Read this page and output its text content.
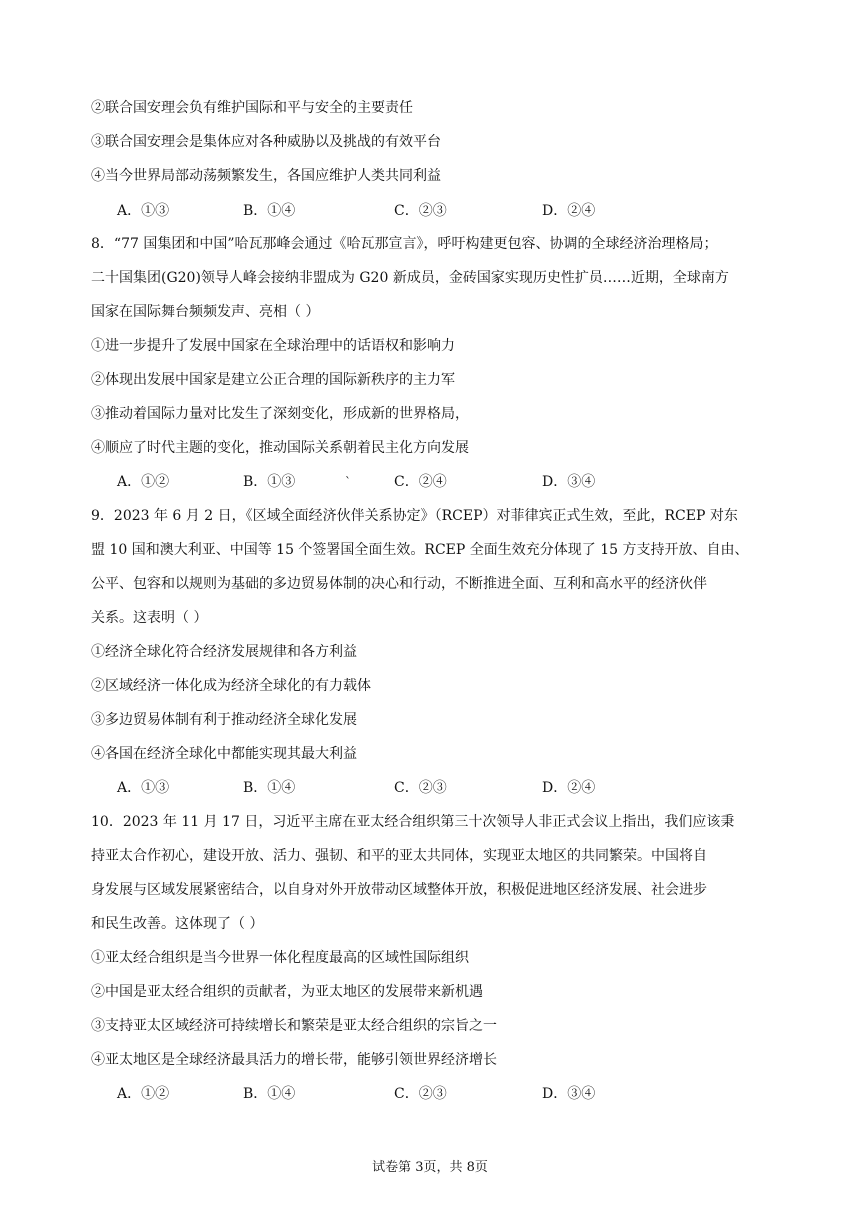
②联合国安理会负有维护国际和平与安全的主要责任
③联合国安理会是集体应对各种威胁以及挑战的有效平台
④当今世界局部动荡频繁发生，各国应维护人类共同利益
A．①③	B．①④	C．②③	D．②④
8．“77 国集团和中国”哈瓦那峰会通过《哈瓦那宣言》，呼吁构建更包容、协调的全球经济治理格局；
二十国集团(G20)领导人峰会接纳非盟成为 G20 新成员，金砖国家实现历史性扩员……近期，全球南方
国家在国际舞台频频发声、亮相（ ）
①进一步提升了发展中国家在全球治理中的话语权和影响力
②体现出发展中国家是建立公正合理的国际新秩序的主力军
③推动着国际力量对比发生了深刻变化，形成新的世界格局，
④顺应了时代主题的变化，推动国际关系朝着民主化方向发展
A．①②	B．①③	`	C．②④	D．③④
9．2023 年 6 月 2 日，《区域全面经济伙伴关系协定》（RCEP）对菲律宾正式生效，至此，RCEP 对东
盟 10 国和澳大利亚、中国等 15 个签署国全面生效。RCEP 全面生效充分体现了 15 方支持开放、自由、
公平、包容和以规则为基础的多边贸易体制的决心和行动，不断推进全面、互利和高水平的经济伙伴
关系。这表明（ ）
①经济全球化符合经济发展规律和各方利益
②区域经济一体化成为经济全球化的有力载体
③多边贸易体制有利于推动经济全球化发展
④各国在经济全球化中都能实现其最大利益
A．①③	B．①④	C．②③	D．②④
10．2023 年 11 月 17 日，习近平主席在亚太经合组织第三十次领导人非正式会议上指出，我们应该秉
持亚太合作初心，建设开放、活力、强韧、和平的亚太共同体，实现亚太地区的共同繁荣。中国将自
身发展与区域发展紧密结合，以自身对外开放带动区域整体开放，积极促进地区经济发展、社会进步
和民生改善。这体现了（ ）
①亚太经合组织是当今世界一体化程度最高的区域性国际组织
②中国是亚太经合组织的贡献者，为亚太地区的发展带来新机遇
③支持亚太区域经济可持续增长和繁荣是亚太经合组织的宗旨之一
④亚太地区是全球经济最具活力的增长带，能够引领世界经济增长
A．①②	B．①④	C．②③	D．③④
试卷第 3页，共 8页
